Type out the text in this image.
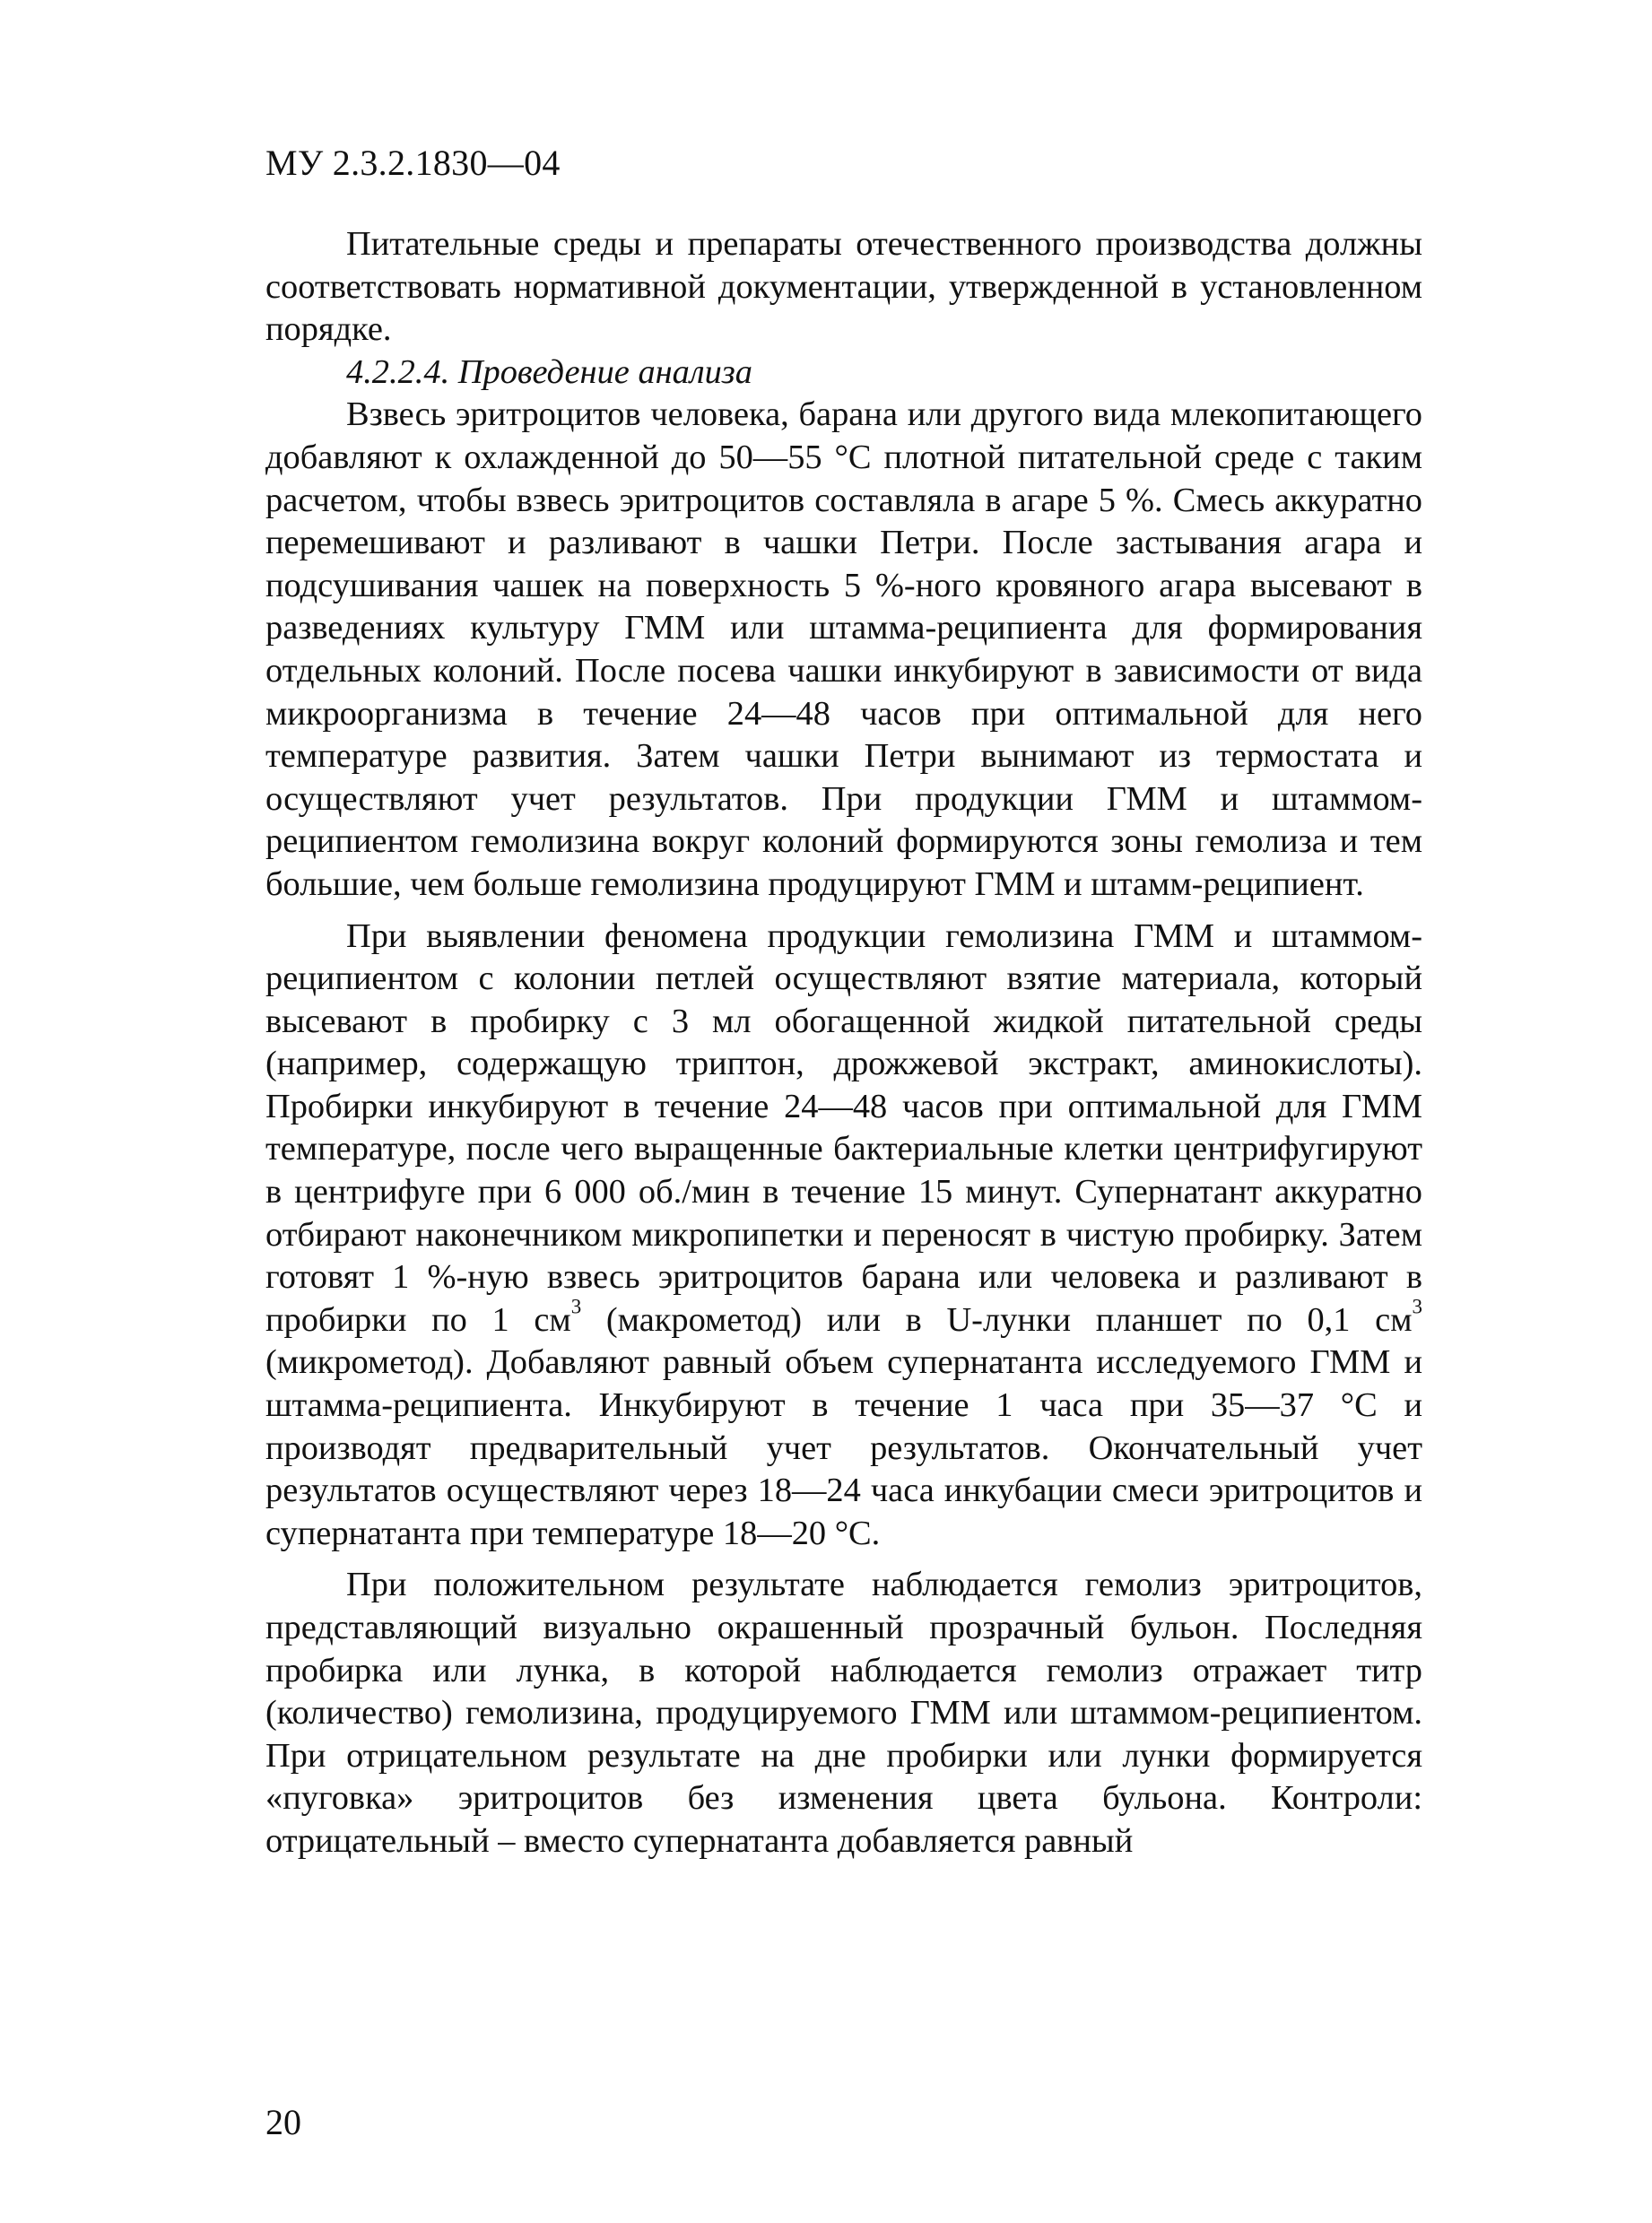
МУ 2.3.2.1830—04

Питательные среды и препараты отечественного производства должны соответствовать нормативной документации, утвержденной в установленном порядке.

4.2.2.4. Проведение анализа

Взвесь эритроцитов человека, барана или другого вида млекопитающего добавляют к охлажденной до 50—55 °С плотной питательной среде с таким расчетом, чтобы взвесь эритроцитов составляла в агаре 5 %. Смесь аккуратно перемешивают и разливают в чашки Петри. После застывания агара и подсушивания чашек на поверхность 5 %-ного кровяного агара высевают в разведениях культуру ГММ или штамма-реципиента для формирования отдельных колоний. После посева чашки инкубируют в зависимости от вида микроорганизма в течение 24—48 часов при оптимальной для него температуре развития. Затем чашки Петри вынимают из термостата и осуществляют учет результатов. При продукции ГММ и штаммом-реципиентом гемолизина вокруг колоний формируются зоны гемолиза и тем большие, чем больше гемолизина продуцируют ГММ и штамм-реципиент.

При выявлении феномена продукции гемолизина ГММ и штаммом-реципиентом с колонии петлей осуществляют взятие материала, который высевают в пробирку с 3 мл обогащенной жидкой питательной среды (например, содержащую триптон, дрожжевой экстракт, аминокислоты). Пробирки инкубируют в течение 24—48 часов при оптимальной для ГММ температуре, после чего выращенные бактериальные клетки центрифугируют в центрифуге при 6 000 об./мин в течение 15 минут. Супернатант аккуратно отбирают наконечником микропипетки и переносят в чистую пробирку. Затем готовят 1 %-ную взвесь эритроцитов барана или человека и разливают в пробирки по 1 $см^3$ (макрометод) или в U-лунки планшет по 0,1 $см^3$ (микрометод). Добавляют равный объем супернатанта исследуемого ГММ и штамма-реципиента. Инкубируют в течение 1 часа при 35—37 °С и производят предварительный учет результатов. Окончательный учет результатов осуществляют через 18—24 часа инкубации смеси эритроцитов и супернатанта при температуре 18—20 °С.

При положительном результате наблюдается гемолиз эритроцитов, представляющий визуально окрашенный прозрачный бульон. Последняя пробирка или лунка, в которой наблюдается гемолиз отражает титр (количество) гемолизина, продуцируемого ГММ или штаммом-реципиентом. При отрицательном результате на дне пробирки или лунки формируется «пуговка» эритроцитов без изменения цвета бульона. Контроли: отрицательный – вместо супернатанта добавляется равный

20
